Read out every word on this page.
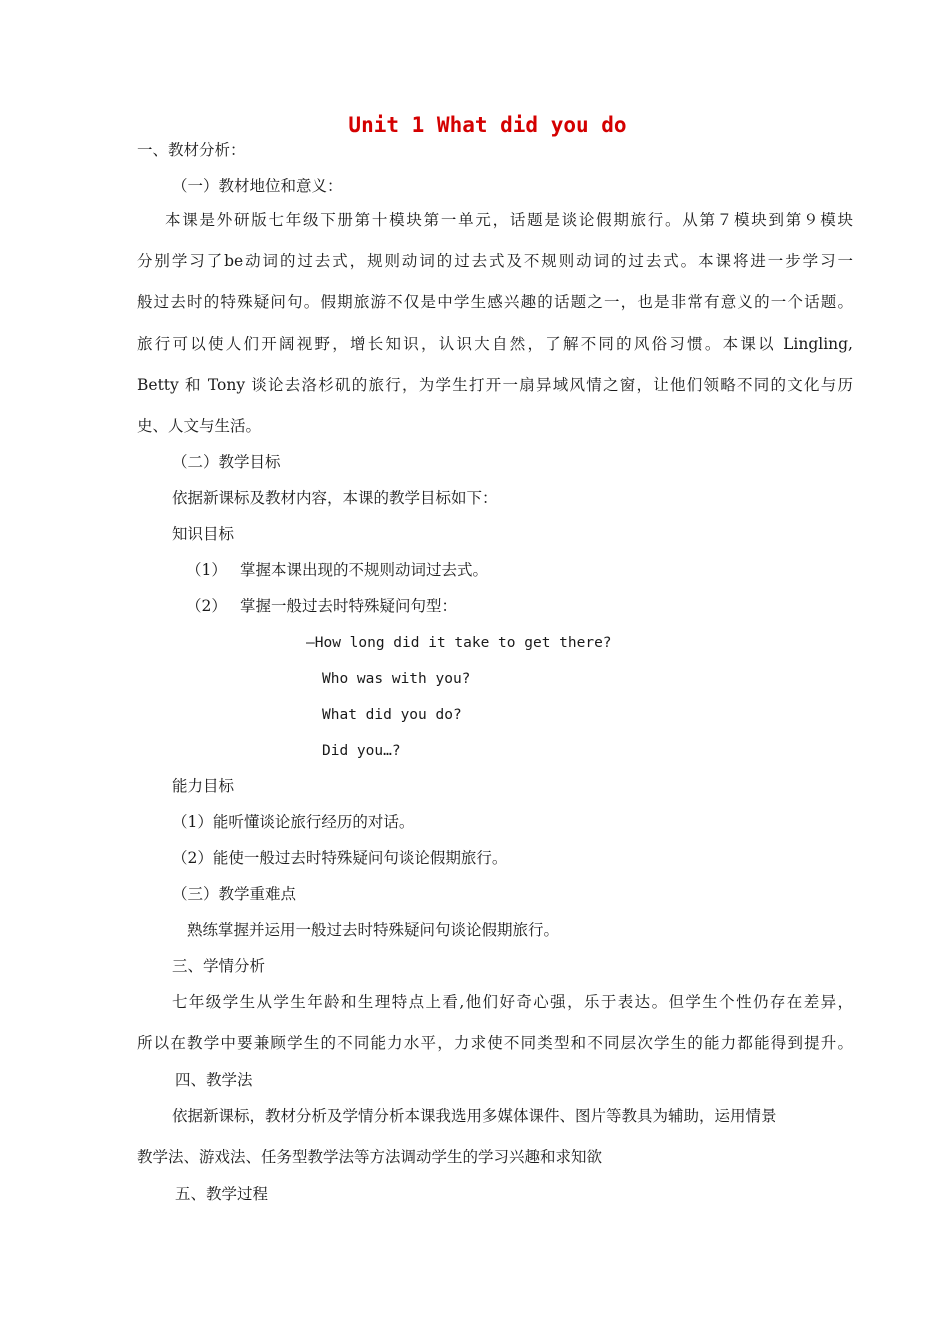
Unit 1 What did you do
一、教材分析：
（一）教材地位和意义：
本课是外研版七年级下册第十模块第一单元，话题是谈论假期旅行。从第７模块到第９模块
分别学习了be动词的过去式，规则动词的过去式及不规则动词的过去式。本课将进一步学习一
般过去时的特殊疑问句。假期旅游不仅是中学生感兴趣的话题之一，也是非常有意义的一个话题。
旅行可以使人们开阔视野，增长知识，认识大自然，了解不同的风俗习惯。本课以 Lingling,
Betty 和 Tony 谈论去洛杉矶的旅行，为学生打开一扇异域风情之窗，让他们领略不同的文化与历
史、人文与生活。
（二）教学目标
依据新课标及教材内容，本课的教学目标如下：
知识目标
（1） 掌握本课出现的不规则动词过去式。
（2） 掌握一般过去时特殊疑问句型：
—How long did it take to get there?
Who was with you?
What did you do?
Did you…?
能力目标
（1）能听懂谈论旅行经历的对话。
（2）能使一般过去时特殊疑问句谈论假期旅行。
（三）教学重难点
熟练掌握并运用一般过去时特殊疑问句谈论假期旅行。
三、学情分析
七年级学生从学生年龄和生理特点上看,他们好奇心强，乐于表达。但学生个性仍存在差异，
所以在教学中要兼顾学生的不同能力水平，力求使不同类型和不同层次学生的能力都能得到提升。
四、教学法
依据新课标，教材分析及学情分析本课我选用多媒体课件、图片等教具为辅助，运用情景
教学法、游戏法、任务型教学法等方法调动学生的学习兴趣和求知欲
五、教学过程
